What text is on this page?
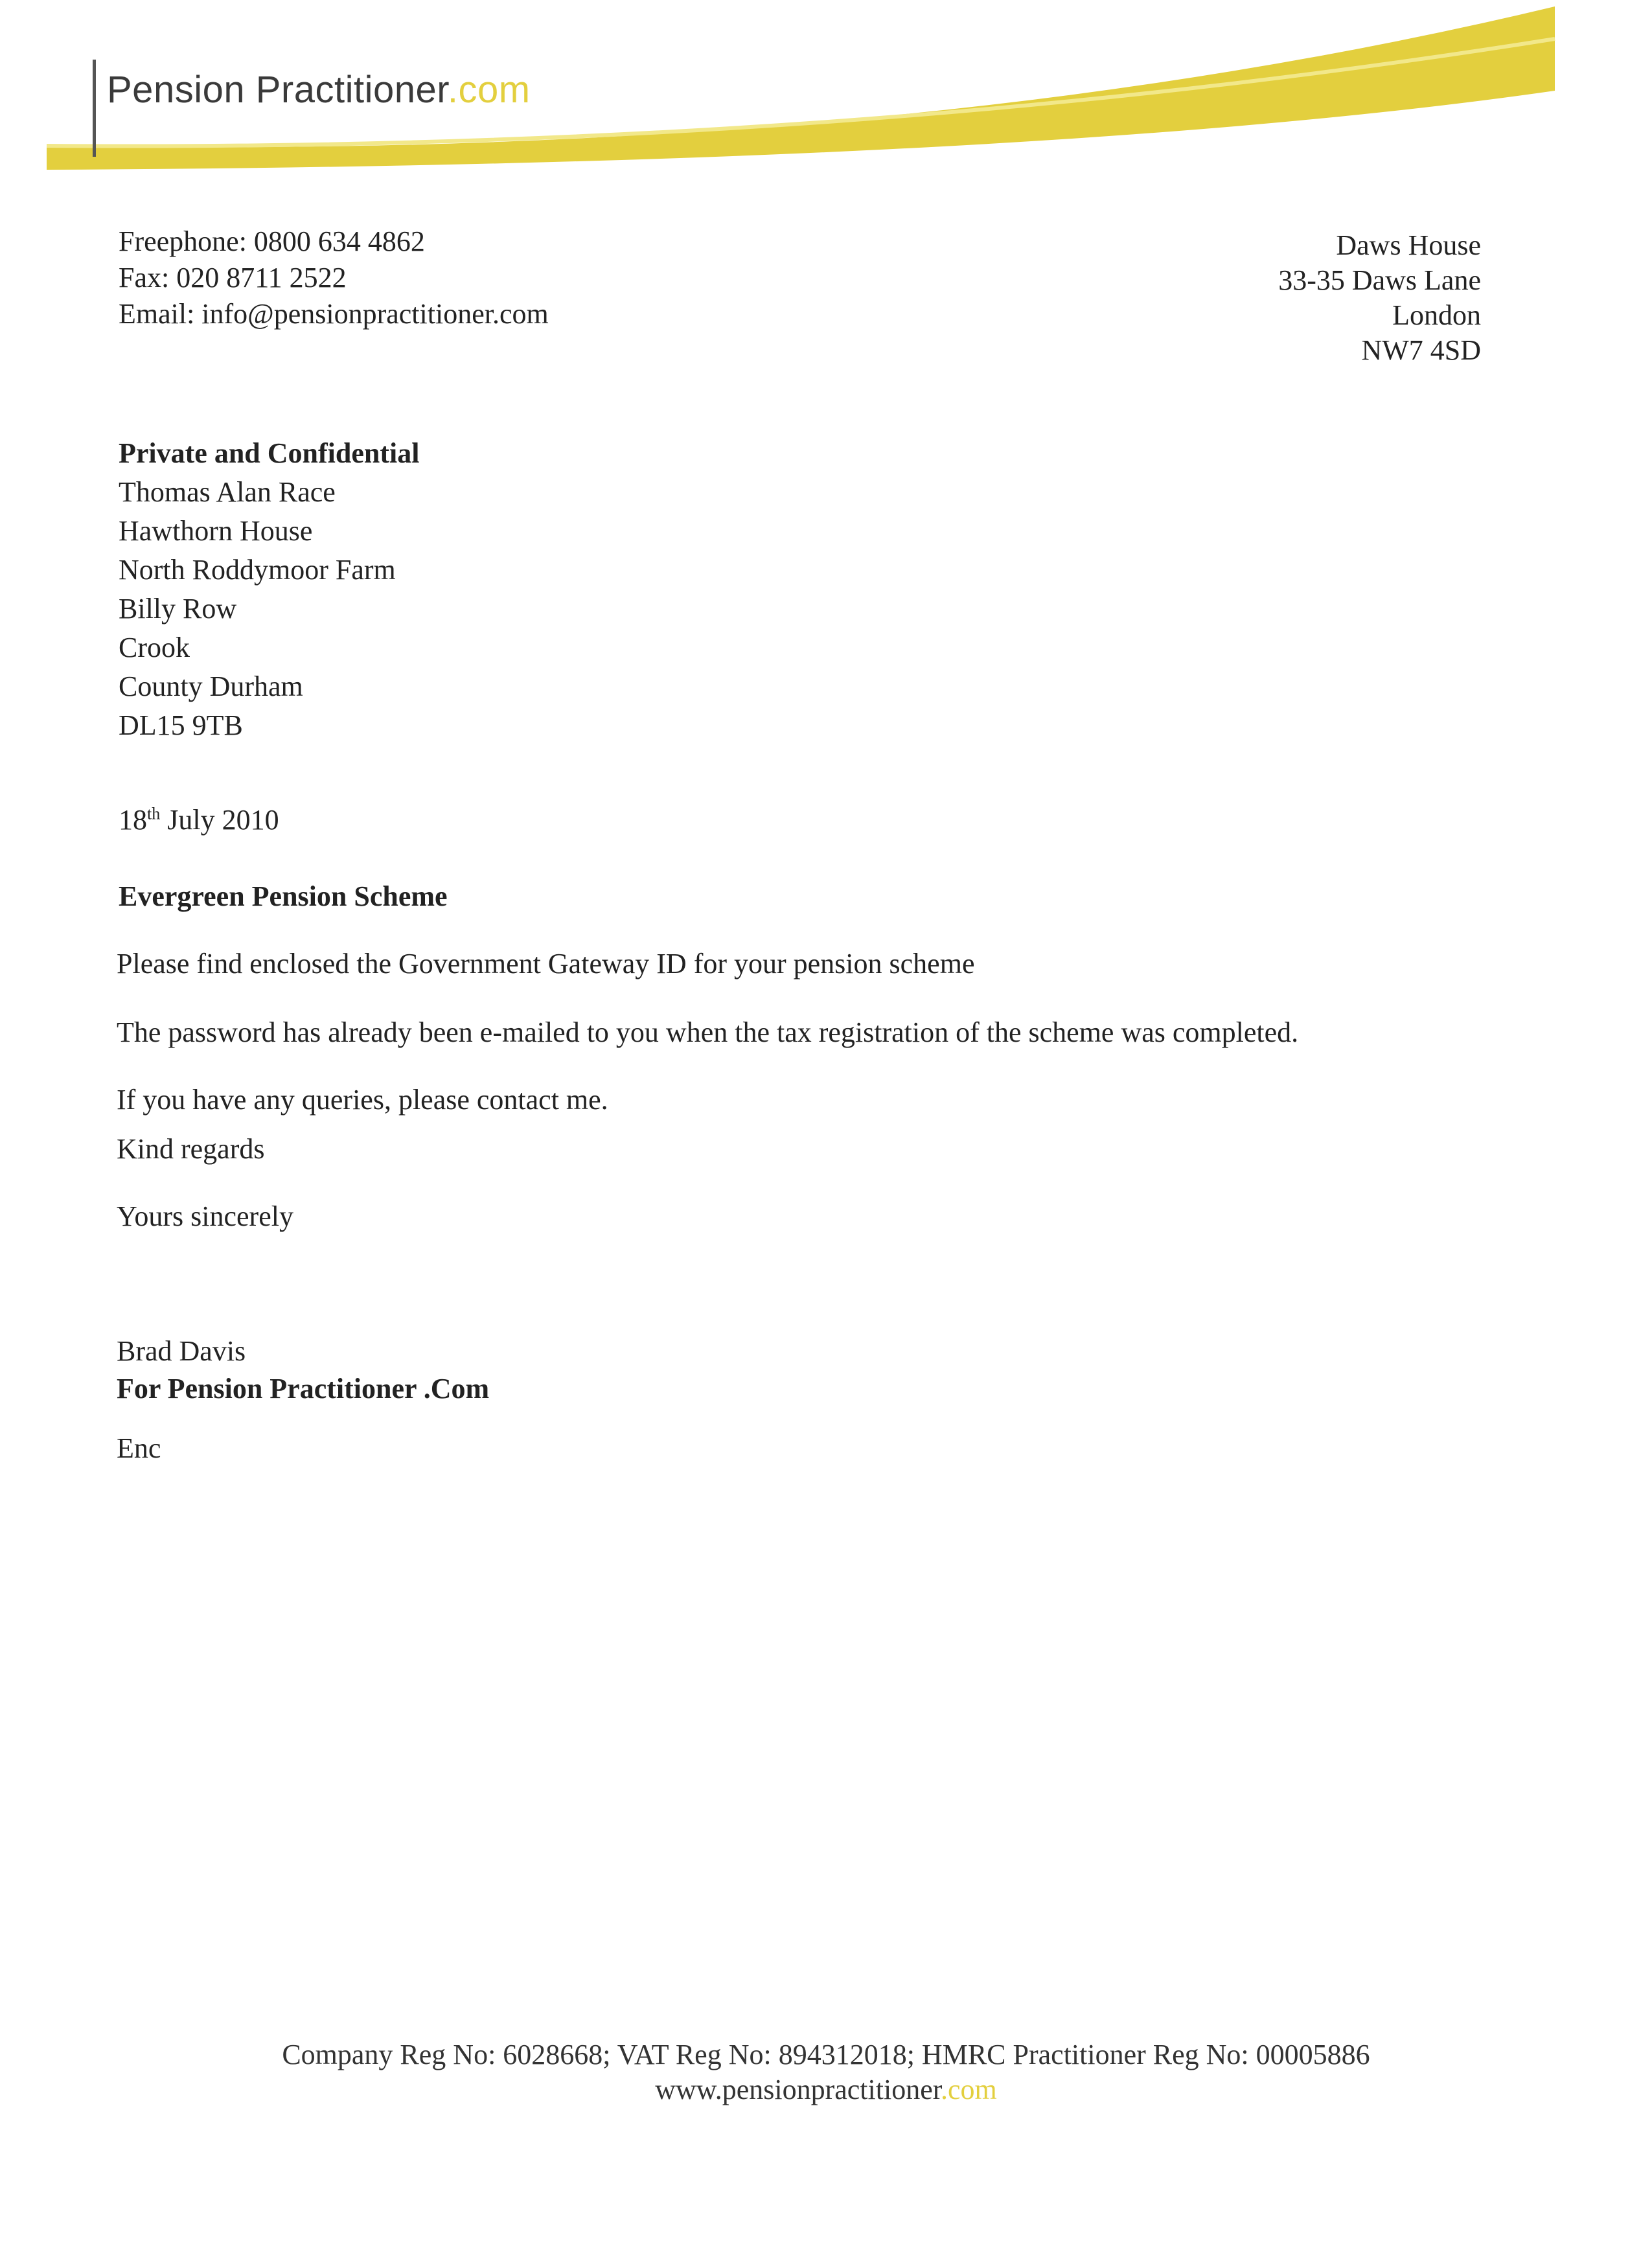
Pension Practitioner.com
Freephone: 0800 634 4862
Fax: 020 8711 2522
Email: info@pensionpractitioner.com
Daws House
33-35 Daws Lane
London
NW7 4SD
Private and Confidential
Thomas Alan Race
Hawthorn House
North Roddymoor Farm
Billy Row
Crook
County Durham
DL15 9TB
18th July 2010
Evergreen Pension Scheme
Please find enclosed the Government Gateway ID for your pension scheme
The password has already been e-mailed to you when the tax registration of the scheme was completed.
If you have any queries, please contact me.
Kind regards
Yours sincerely
Brad Davis
For Pension Practitioner .Com
Enc
Company Reg No: 6028668; VAT Reg No: 894312018; HMRC Practitioner Reg No: 00005886
www.pensionpractitioner.com
